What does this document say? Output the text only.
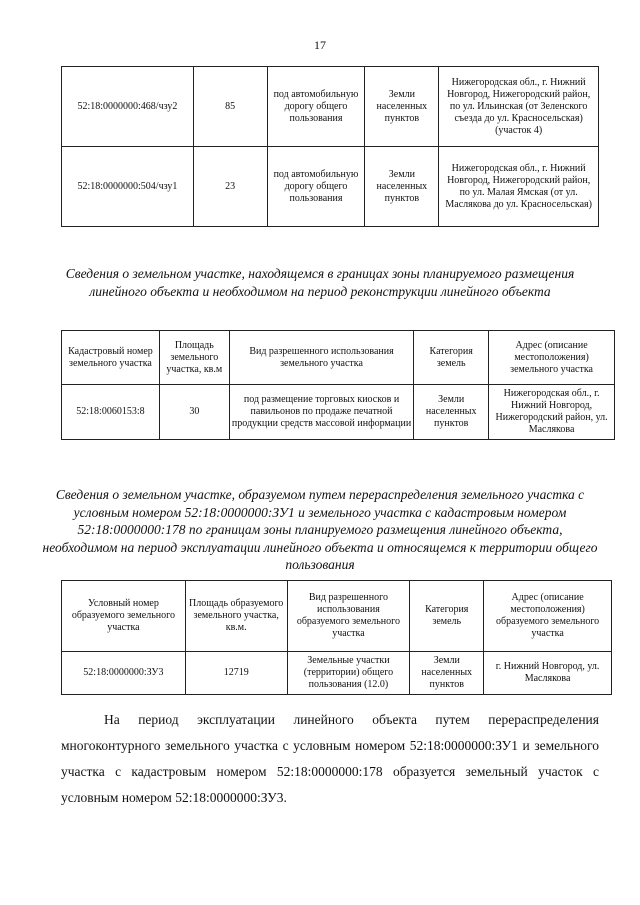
17
52:18:0000000:468/чзу2	85	под автомобильную дорогу общего пользования	Земли населенных пунктов	Нижегородская обл., г. Нижний Новгород, Нижегородский район, по ул. Ильинская (от Зеленского съезда до ул. Красносельская) (участок 4)
52:18:0000000:504/чзу1	23	под автомобильную дорогу общего пользования	Земли населенных пунктов	Нижегородская обл., г. Нижний Новгород, Нижегородский район, по ул. Малая Ямская (от ул. Маслякова до ул. Красносельская)
Сведения о земельном участке, находящемся в границах зоны планируемого размещения линейного объекта и необходимом на период реконструкции линейного объекта
Кадастровый номер земельного участка	Площадь земельного участка, кв.м	Вид разрешенного использования земельного участка	Категория земель	Адрес (описание местоположения) земельного участка
52:18:0060153:8	30	под размещение торговых киосков и павильонов по продаже печатной продукции средств массовой информации	Земли населенных пунктов	Нижегородская обл., г. Нижний Новгород, Нижегородский район, ул. Маслякова
Сведения о земельном участке, образуемом путем перераспределения земельного участка с условным номером 52:18:0000000:ЗУ1 и земельного участка с кадастровым номером 52:18:0000000:178 по границам зоны планируемого размещения линейного объекта, необходимом на период эксплуатации линейного объекта и относящемся к территории общего пользования
Условный номер образуемого земельного участка	Площадь образуемого земельного участка, кв.м.	Вид разрешенного использования образуемого земельного участка	Категория земель	Адрес (описание местоположения) образуемого земельного участка
52:18:0000000:ЗУ3	12719	Земельные участки (территории) общего пользования (12.0)	Земли населенных пунктов	г. Нижний Новгород, ул. Маслякова

На период эксплуатации линейного объекта путем перераспределения многоконтурного земельного участка с условным номером 52:18:0000000:ЗУ1 и земельного участка с кадастровым номером 52:18:0000000:178 образуется земельный участок с условным номером 52:18:0000000:ЗУ3.
